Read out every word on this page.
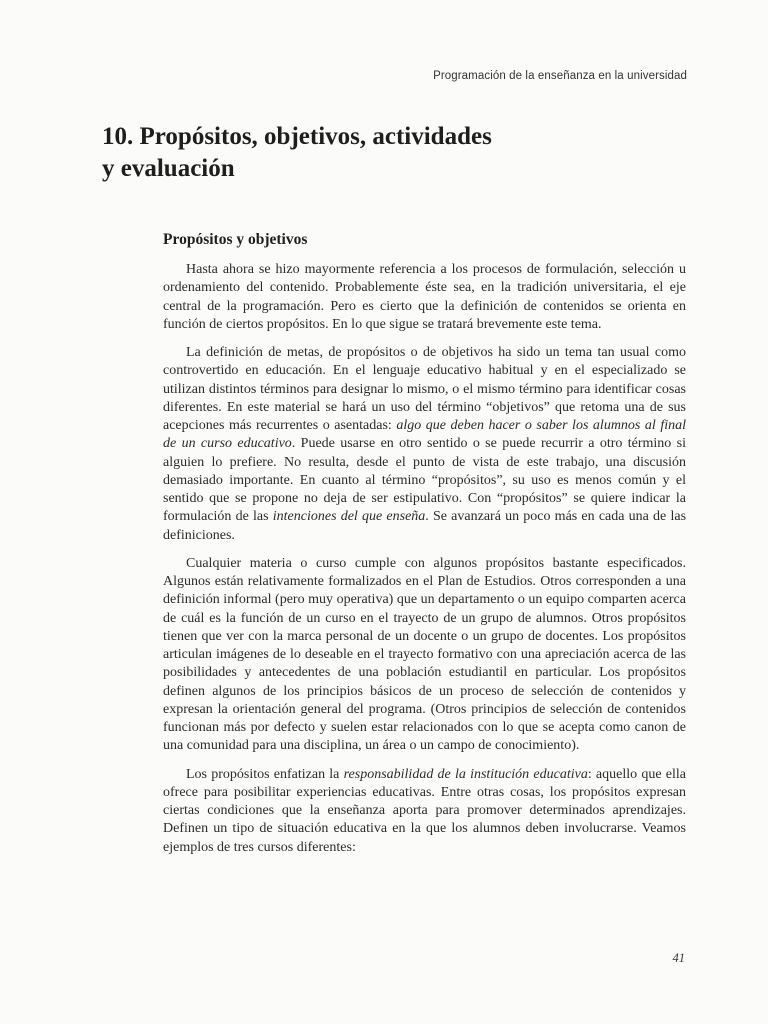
Programación de la enseñanza en la universidad
10. Propósitos, objetivos, actividades
y evaluación
Propósitos y objetivos

Hasta ahora se hizo mayormente referencia a los procesos de formulación, selección u ordenamiento del contenido. Probablemente éste sea, en la tradición universitaria, el eje central de la programación. Pero es cierto que la definición de contenidos se orienta en función de ciertos propósitos. En lo que sigue se tratará brevemente este tema.

La definición de metas, de propósitos o de objetivos ha sido un tema tan usual como controvertido en educación. En el lenguaje educativo habitual y en el especializado se utilizan distintos términos para designar lo mismo, o el mismo término para identificar cosas diferentes. En este material se hará un uso del término “objetivos” que retoma una de sus acepciones más recurrentes o asentadas: algo que deben hacer o saber los alumnos al final de un curso educativo. Puede usarse en otro sentido o se puede recurrir a otro término si alguien lo prefiere. No resulta, desde el punto de vista de este trabajo, una discusión demasiado importante. En cuanto al término “propósitos”, su uso es menos común y el sentido que se propone no deja de ser estipulativo. Con “propósitos” se quiere indicar la formulación de las intenciones del que enseña. Se avanzará un poco más en cada una de las definiciones.

Cualquier materia o curso cumple con algunos propósitos bastante especificados. Algunos están relativamente formalizados en el Plan de Estudios. Otros corresponden a una definición informal (pero muy operativa) que un departamento o un equipo comparten acerca de cuál es la función de un curso en el trayecto de un grupo de alumnos. Otros propósitos tienen que ver con la marca personal de un docente o un grupo de docentes. Los propósitos articulan imágenes de lo deseable en el trayecto formativo con una apreciación acerca de las posibilidades y antecedentes de una población estudiantil en particular. Los propósitos definen algunos de los principios básicos de un proceso de selección de contenidos y expresan la orientación general del programa. (Otros principios de selección de contenidos funcionan más por defecto y suelen estar relacionados con lo que se acepta como canon de una comunidad para una disciplina, un área o un campo de conocimiento).

Los propósitos enfatizan la responsabilidad de la institución educativa: aquello que ella ofrece para posibilitar experiencias educativas. Entre otras cosas, los propósitos expresan ciertas condiciones que la enseñanza aporta para promover determinados aprendizajes. Definen un tipo de situación educativa en la que los alumnos deben involucrarse. Veamos ejemplos de tres cursos diferentes:

41
